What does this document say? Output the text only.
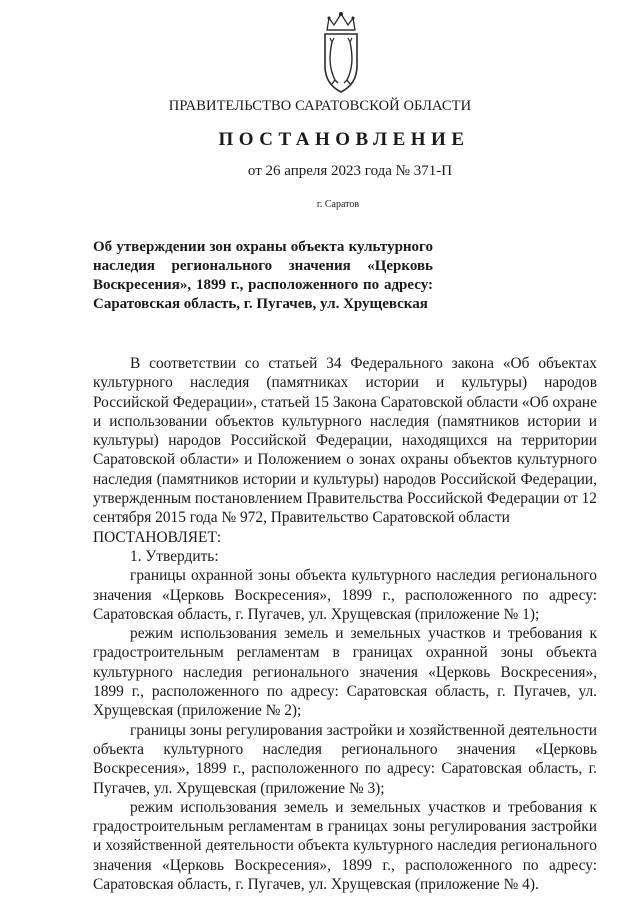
ПРАВИТЕЛЬСТВО САРАТОВСКОЙ ОБЛАСТИ
ПОСТАНОВЛЕНИЕ
от 26 апреля 2023 года № 371-П
г. Саратов

Об утверждении зон охраны объекта культурного наследия регионального значения «Церковь Воскресения», 1899 г., расположенного по адресу: Саратовская область, г. Пугачев, ул. Хрущевская

В соответствии со статьей 34 Федерального закона «Об объектах культурного наследия (памятниках истории и культуры) народов Российской Федерации», статьей 15 Закона Саратовской области «Об охране и использовании объектов культурного наследия (памятников истории и культуры) народов Российской Федерации, находящихся на территории Саратовской области» и Положением о зонах охраны объектов культурного наследия (памятников истории и культуры) народов Российской Федерации, утвержденным постановлением Правительства Российской Федерации от 12 сентября 2015 года № 972, Правительство Саратовской области

ПОСТАНОВЛЯЕТ:

1. Утвердить:

границы охранной зоны объекта культурного наследия регионального значения «Церковь Воскресения», 1899 г., расположенного по адресу: Саратовская область, г. Пугачев, ул. Хрущевская (приложение № 1);

режим использования земель и земельных участков и требования к градостроительным регламентам в границах охранной зоны объекта культурного наследия регионального значения «Церковь Воскресения», 1899 г., расположенного по адресу: Саратовская область, г. Пугачев, ул. Хрущевская (приложение № 2);

границы зоны регулирования застройки и хозяйственной деятельности объекта культурного наследия регионального значения «Церковь Воскресения», 1899 г., расположенного по адресу: Саратовская область, г. Пугачев, ул. Хрущевская (приложение № 3);

режим использования земель и земельных участков и требования к градостроительным регламентам в границах зоны регулирования застройки и хозяйственной деятельности объекта культурного наследия регионального значения «Церковь Воскресения», 1899 г., расположенного по адресу: Саратовская область, г. Пугачев, ул. Хрущевская (приложение № 4).
